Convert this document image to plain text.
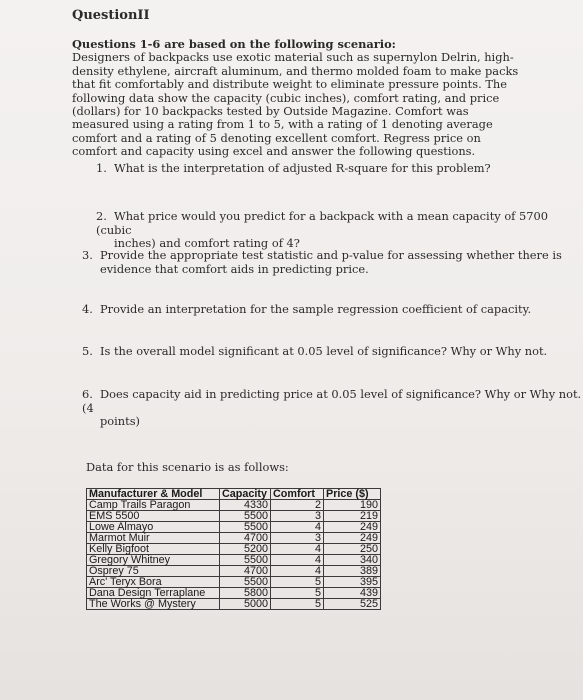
QuestionII
Questions 1-6 are based on the following scenario:
Designers of backpacks use exotic material such as supernylon Delrin, high-density ethylene, aircraft aluminum, and thermo molded foam to make packs that fit comfortably and distribute weight to eliminate pressure points. The following data show the capacity (cubic inches), comfort rating, and price (dollars) for 10 backpacks tested by Outside Magazine. Comfort was measured using a rating from 1 to 5, with a rating of 1 denoting average comfort and a rating of 5 denoting excellent comfort. Regress price on comfort and capacity using excel and answer the following questions.
1. What is the interpretation of adjusted R-square for this problem?
2. What price would you predict for a backpack with a mean capacity of 5700 (cubic
inches) and comfort rating of 4?
3. Provide the appropriate test statistic and p-value for assessing whether there is
evidence that comfort aids in predicting price.
4. Provide an interpretation for the sample regression coefficient of capacity.
5. Is the overall model significant at 0.05 level of significance? Why or Why not.
6. Does capacity aid in predicting price at 0.05 level of significance? Why or Why not. (4
points)
Data for this scenario is as follows:
Manufacturer & Model	Capacity	Comfort	Price ($)
Camp Trails Paragon	4330	2	190
EMS 5500	5500	3	219
Lowe Almayo	5500	4	249
Marmot Muir	4700	3	249
Kelly Bigfoot	5200	4	250
Gregory Whitney	5500	4	340
Osprey 75	4700	4	389
Arc' Teryx Bora	5500	5	395
Dana Design Terraplane	5800	5	439
The Works @ Mystery	5000	5	525
